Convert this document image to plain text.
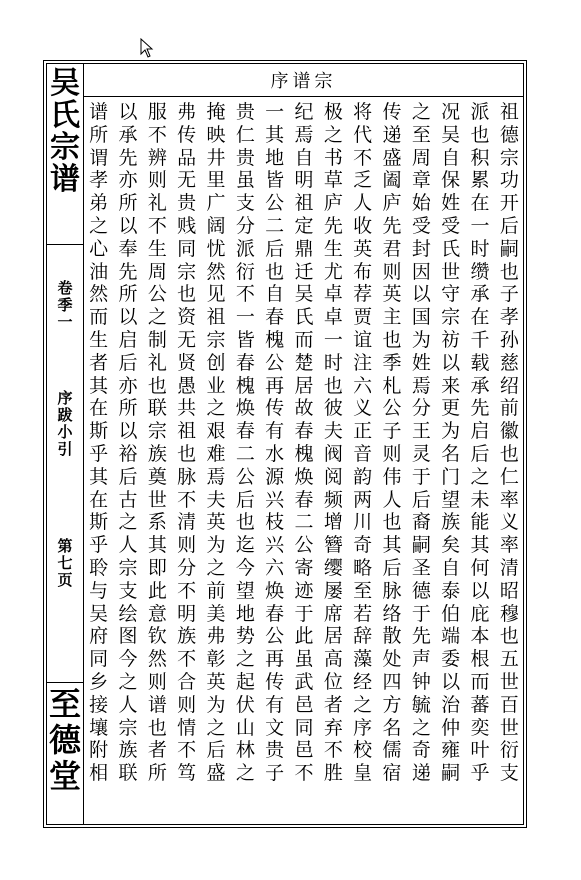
吴
氏
宗
谱
卷
季
一
序
跋
小
引
第
七
页
至
德
堂
序谱宗
祖
德
宗
功
开
后
嗣
也
子
孝
孙
慈
绍
前
徽
也
仁
率
义
率
清
昭
穆
也
五
世
百
世
衍
支
派
也
积
累
在
一
时
缵
承
在
千
载
承
先
启
后
之
未
能
其
何
以
庇
本
根
而
蕃
奕
叶
乎
况
吴
自
保
姓
受
氏
世
守
宗
祊
以
来
更
为
名
门
望
族
矣
自
泰
伯
端
委
以
治
仲
雍
嗣
之
至
周
章
始
受
封
因
以
国
为
姓
焉
分
王
灵
于
后
裔
嗣
圣
德
于
先
声
钟
毓
之
奇
递
传
递
盛
阖
庐
先
君
则
英
主
也
季
札
公
子
则
伟
人
也
其
后
脉
络
散
处
四
方
名
儒
宿
将
代
不
乏
人
收
英
布
荐
贾
谊
注
六
义
正
音
韵
两
川
奇
略
至
若
辞
藻
经
之
序
校
皇
极
之
书
草
庐
先
生
尤
卓
卓
一
时
也
彼
夫
阀
阅
频
增
簪
缨
屡
席
居
高
位
者
弃
不
胜
纪
焉
自
明
祖
定
鼎
迁
吴
氏
而
楚
居
故
春
槐
焕
春
二
公
寄
迹
于
此
虽
武
邑
同
邑
不
一
其
地
皆
公
二
后
也
自
春
槐
公
再
传
有
水
源
兴
枝
兴
六
焕
春
公
再
传
有
文
贵
子
贵
仁
贵
虽
支
分
派
衍
不
一
皆
春
槐
焕
春
二
公
后
也
迄
今
望
地
势
之
起
伏
山
林
之
掩
映
井
里
广
阔
忧
然
见
祖
宗
创
业
之
艰
难
焉
夫
英
为
之
前
美
弗
彰
英
为
之
后
盛
弗
传
品
无
贵
贱
同
宗
也
资
无
贤
愚
共
祖
也
脉
不
清
则
分
不
明
族
不
合
则
情
不
笃
服
不
辨
则
礼
不
生
周
公
之
制
礼
也
联
宗
族
奠
世
系
其
即
此
意
钦
然
则
谱
也
者
所
以
承
先
亦
所
以
奉
先
所
以
启
后
亦
所
以
裕
后
古
之
人
宗
支
绘
图
今
之
人
宗
族
联
谱
所
谓
孝
弟
之
心
油
然
而
生
者
其
在
斯
乎
其
在
斯
乎
聆
与
吴
府
同
乡
接
壤
附
相
